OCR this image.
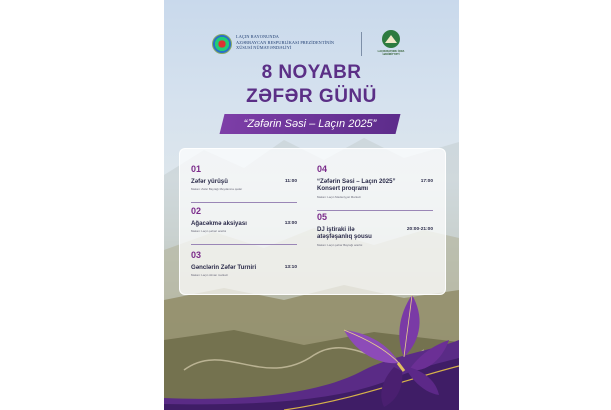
LAÇIN RAYONUNDA
AZƏRBAYCAN RESPUBLİKASI PREZİDENTİNİN
XÜSUSİ NÜMAYƏNDƏLİYİ
LAÇIN RAYONU İCRA HAKİMİYYƏTİ
8 NOYABR
ZƏFƏR GÜNÜ
“Zəfərin Səsi – Laçın 2025”
01
Zəfər yürüşü	11:00
Məkan: Zəfər Bayrağı Meydanına qədər
02
Ağacəkmə aksiyası	13:00
Məkan: Laçın şəhəri ərazisi
03
Gənclərin Zəfər Turniri	13:10
Məkan: Laçın idman mərkəzi
04
“Zəfərin Səsi – Laçın 2025” Konsert proqramı
17:00
Məkan: Laçın Mədəniyyət Mərkəzi
05
DJ iştiraki ilə atəşfəşanlıq şousu
20:00-21:00
Məkan: Laçın şəhər Bayrağı ərazisi
